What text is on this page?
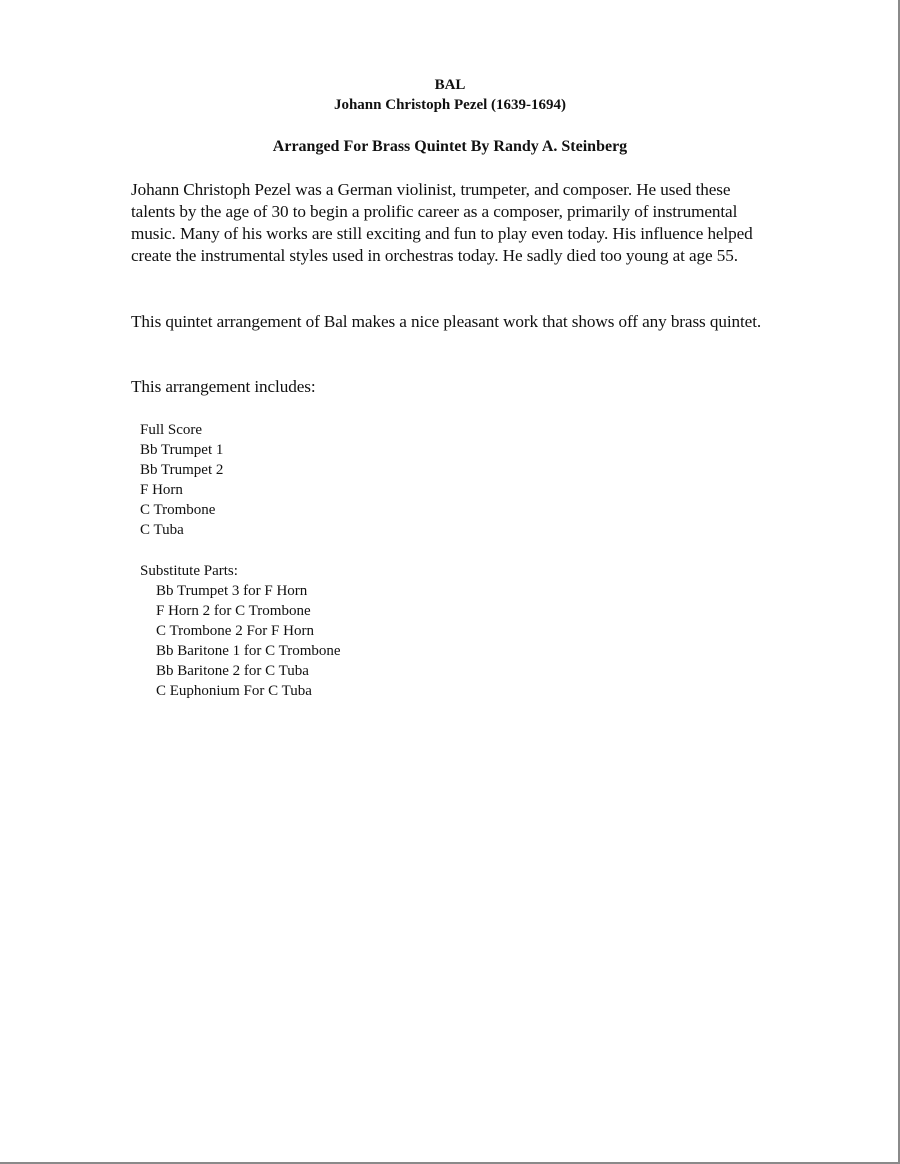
BAL
Johann Christoph Pezel (1639-1694)
Arranged For Brass Quintet By Randy A. Steinberg
Johann Christoph Pezel was a German violinist, trumpeter, and composer. He used these talents by the age of 30 to begin a prolific career as a composer, primarily of instrumental music. Many of his works are still exciting and fun to play even today. His influence helped create the instrumental styles used in orchestras today. He sadly died too young at age 55.
This quintet arrangement of Bal makes a nice pleasant work that shows off any brass quintet.
This arrangement includes:
Full Score
Bb Trumpet 1
Bb Trumpet 2
F Horn
C Trombone
C Tuba
Substitute Parts:
Bb Trumpet 3 for F Horn
F Horn 2 for C Trombone
C Trombone 2 For F Horn
Bb Baritone 1 for C Trombone
Bb Baritone 2 for C Tuba
C Euphonium For C Tuba
